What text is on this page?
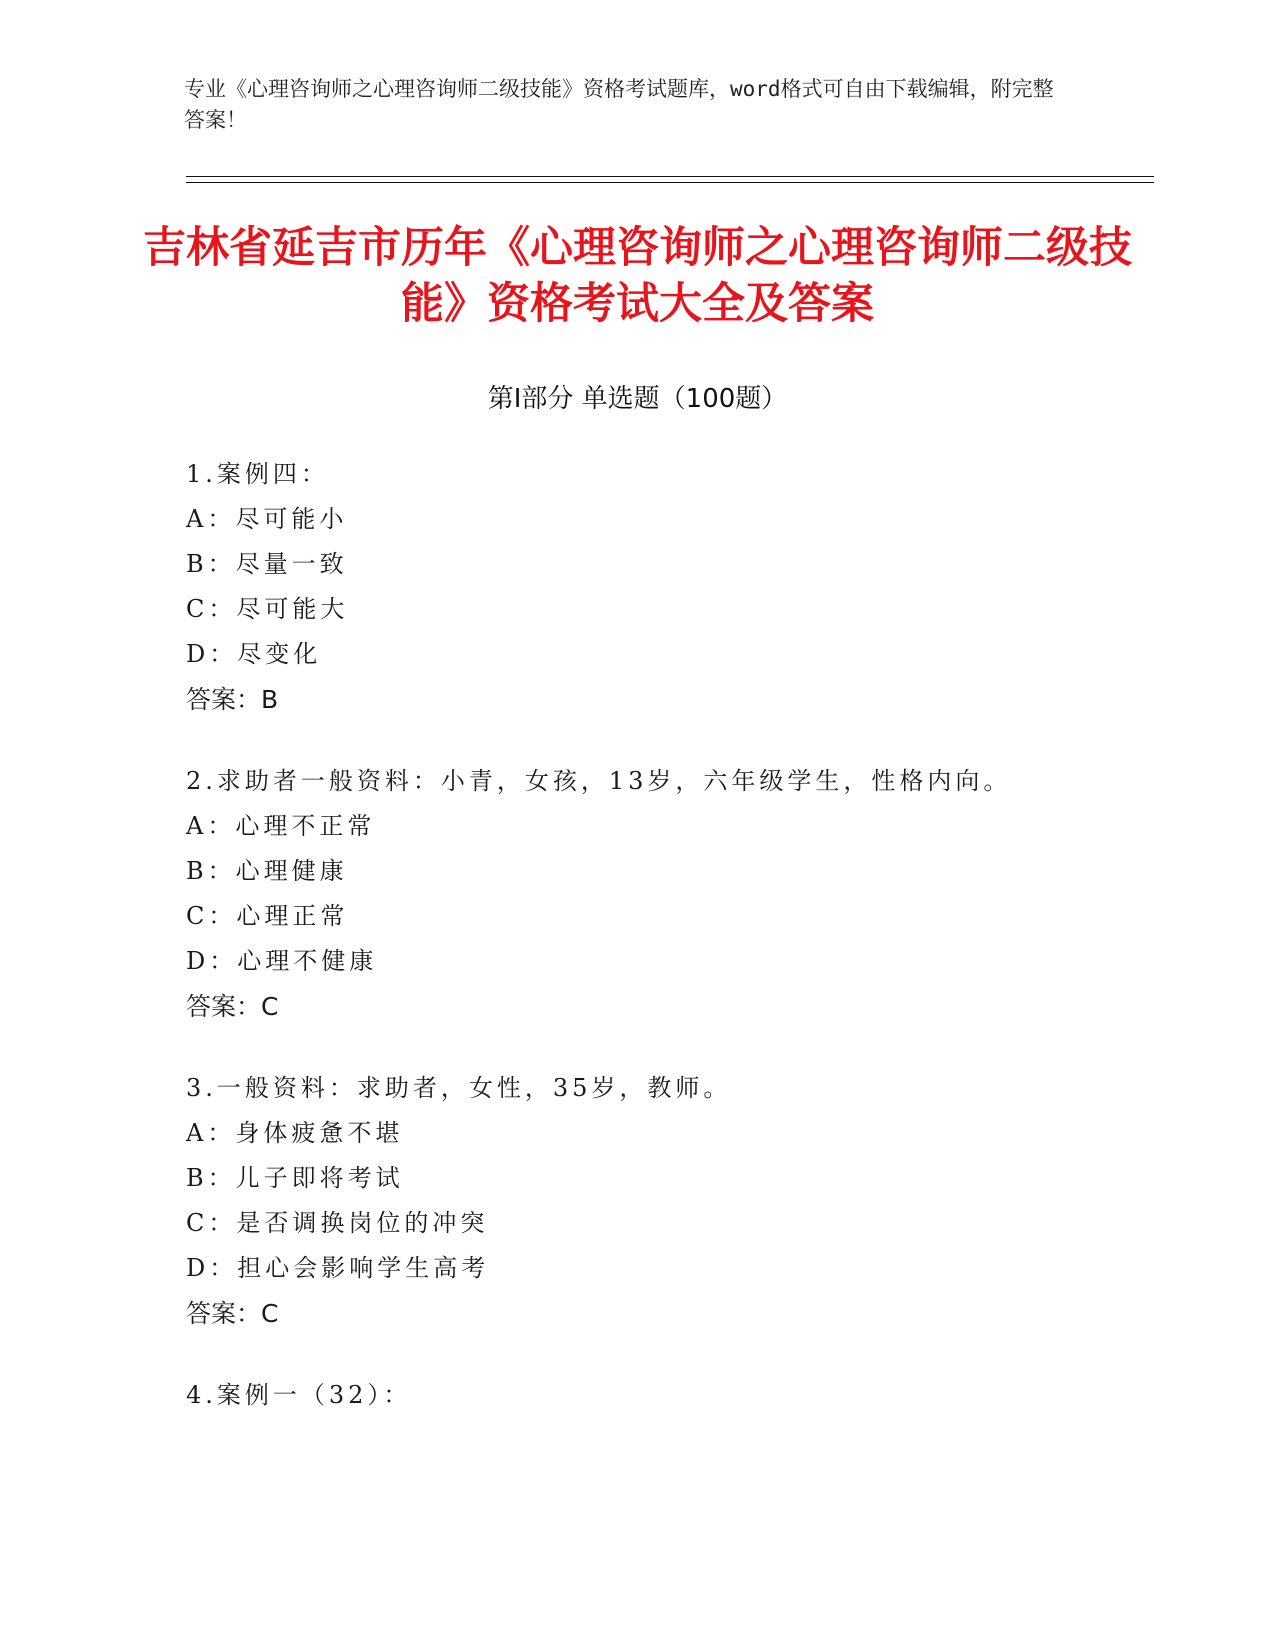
专业《心理咨询师之心理咨询师二级技能》资格考试题库，word格式可自由下载编辑，附完整答案！
吉林省延吉市历年《心理咨询师之心理咨询师二级技能》资格考试大全及答案
第Ⅰ部分 单选题（100题）
1.案例四：
A：尽可能小
B：尽量一致
C：尽可能大
D：尽变化
答案：B
2.求助者一般资料：小青，女孩，13岁，六年级学生，性格内向。
A：心理不正常
B：心理健康
C：心理正常
D：心理不健康
答案：C
3.一般资料：求助者，女性，35岁，教师。
A：身体疲惫不堪
B：儿子即将考试
C：是否调换岗位的冲突
D：担心会影响学生高考
答案：C
4.案例一（32）：
